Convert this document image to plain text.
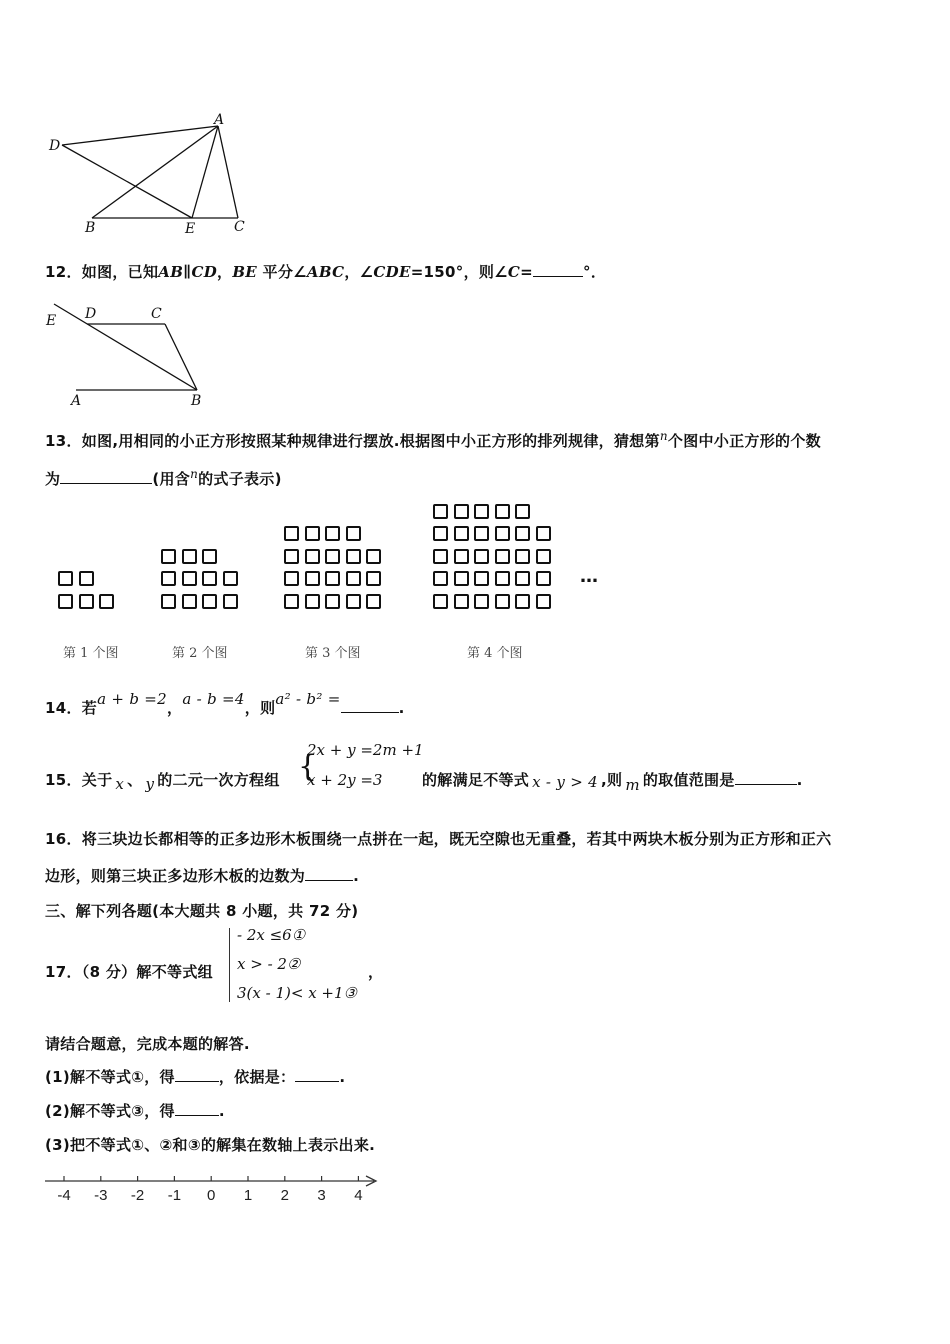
D
A
B	E	C
12．如图，已知AB∥CD，BE 平分∠ABC，∠CDE=150°，则∠C=	°．
E D	C
A	B
13．如图,用相同的小正方形按照某种规律进行摆放.根据图中小正方形的排列规律，猜想第$^n$个图中小正方形的个数
为	(用含$^n$的式子表示)
第 1 个图	第 2 个图	第 3 个图	第 4 个图
…
14．若a + b =2，a - b =4，则a² - b² =	.
15．关于 x 、 y 的二元一次方程组 {
2x + y =2m +1
x + 2y =3	的解满足不等式 x - y > 4 ,则 m 的取值范围是	.
16．将三块边长都相等的正多边形木板围绕一点拼在一起，既无空隙也无重叠，若其中两块木板分别为正方形和正六
边形，则第三块正多边形木板的边数为	.
三、解下列各题(本大题共 8 小题，共 72 分)
17．（8 分）解不等式组
- 2x ≤6①
x > - 2②
3(x - 1)< x +1③
，
请结合题意，完成本题的解答.
(1)解不等式①，得	，依据是：	.
(2)解不等式③，得	.
(3)把不等式①、②和③的解集在数轴上表示出来.
-4 -3 -2 -1 0 1 2 3 4
